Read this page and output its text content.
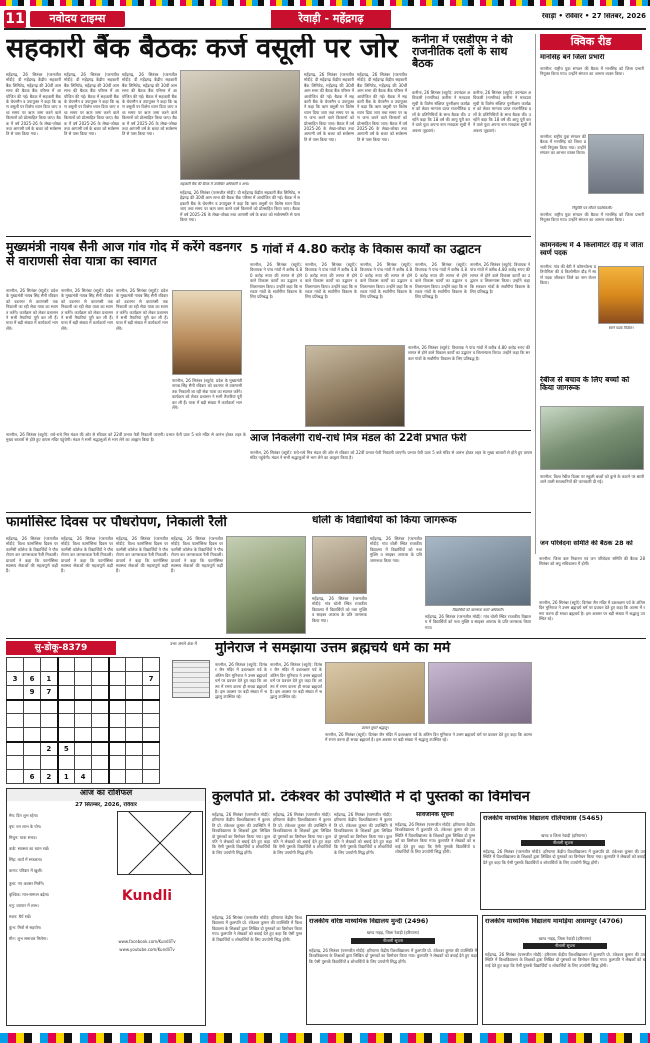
11	नवोदय टाइम्स	रेवाड़ी - महेंद्रगढ़	रेवाड़ी • रविवार • 27 सितंबर, 2026
सहकारी बैंक बैठकः कर्ज वसूली पर जोर
महेंद्रगढ़, 26 सितंबर (परमजीत मोदी): दी महेंद्रगढ़ केंद्रीय सहकारी बैंक लिमिटेड, महेंद्रगढ़ की 30वीं आम सभा की बैठक बैंक परिसर में आयोजित की गई। बैठक में सहकारी बैंक के चेयरमैन व उपायुक्त ने कहा कि ऋण वसूली पर विशेष ध्यान दिया जाए तथा समय पर ऋण जमा करने वाले किसानों को प्रोत्साहित किया जाए। बैठक में वर्ष 2025-26 के लेखा-जोखा तथा आगामी वर्ष के बजट को सर्वसम्मति से पास किया गया।
महेंद्रगढ़, 26 सितंबर (परमजीत मोदी): दी महेंद्रगढ़ केंद्रीय सहकारी बैंक लिमिटेड, महेंद्रगढ़ की 30वीं आम सभा की बैठक बैंक परिसर में आयोजित की गई। बैठक में सहकारी बैंक के चेयरमैन व उपायुक्त ने कहा कि ऋण वसूली पर विशेष ध्यान दिया जाए तथा समय पर ऋण जमा करने वाले किसानों को प्रोत्साहित किया जाए। बैठक में वर्ष 2025-26 के लेखा-जोखा तथा आगामी वर्ष के बजट को सर्वसम्मति से पास किया गया।
महेंद्रगढ़, 26 सितंबर (परमजीत मोदी): दी महेंद्रगढ़ केंद्रीय सहकारी बैंक लिमिटेड, महेंद्रगढ़ की 30वीं आम सभा की बैठक बैंक परिसर में आयोजित की गई। बैठक में सहकारी बैंक के चेयरमैन व उपायुक्त ने कहा कि ऋण वसूली पर विशेष ध्यान दिया जाए तथा समय पर ऋण जमा करने वाले किसानों को प्रोत्साहित किया जाए। बैठक में वर्ष 2025-26 के लेखा-जोखा तथा आगामी वर्ष के बजट को सर्वसम्मति से पास किया गया।
सहकारी बैंक की बैठक में उपस्थित अधिकारी व अन्य।
महेंद्रगढ़, 26 सितंबर (परमजीत मोदी): दी महेंद्रगढ़ केंद्रीय सहकारी बैंक लिमिटेड, महेंद्रगढ़ की 30वीं आम सभा की बैठक बैंक परिसर में आयोजित की गई। बैठक में सहकारी बैंक के चेयरमैन व उपायुक्त ने कहा कि ऋण वसूली पर विशेष ध्यान दिया जाए तथा समय पर ऋण जमा करने वाले किसानों को प्रोत्साहित किया जाए। बैठक में वर्ष 2025-26 के लेखा-जोखा तथा आगामी वर्ष के बजट को सर्वसम्मति से पास किया गया।
महेंद्रगढ़, 26 सितंबर (परमजीत मोदी): दी महेंद्रगढ़ केंद्रीय सहकारी बैंक लिमिटेड, महेंद्रगढ़ की 30वीं आम सभा की बैठक बैंक परिसर में आयोजित की गई। बैठक में सहकारी बैंक के चेयरमैन व उपायुक्त ने कहा कि ऋण वसूली पर विशेष ध्यान दिया जाए तथा समय पर ऋण जमा करने वाले किसानों को प्रोत्साहित किया जाए। बैठक में वर्ष 2025-26 के लेखा-जोखा तथा आगामी वर्ष के बजट को सर्वसम्मति से पास किया गया।
महेंद्रगढ़, 26 सितंबर (परमजीत मोदी): दी महेंद्रगढ़ केंद्रीय सहकारी बैंक लिमिटेड, महेंद्रगढ़ की 30वीं आम सभा की बैठक बैंक परिसर में आयोजित की गई। बैठक में सहकारी बैंक के चेयरमैन व उपायुक्त ने कहा कि ऋण वसूली पर विशेष ध्यान दिया जाए तथा समय पर ऋण जमा करने वाले किसानों को प्रोत्साहित किया जाए। बैठक में वर्ष 2025-26 के लेखा-जोखा तथा आगामी वर्ष के बजट को सर्वसम्मति से पास किया गया।
कनीना में एसडीएम ने की राजनीतिक दलों के साथ बैठक
कनीना, 26 सितंबर (ब्यूरो): उपमंडल अधिकारी (नागरिक) कनीना ने मतदाता सूची के विशेष संक्षिप्त पुनरीक्षण कार्यक्रम को लेकर मान्यता प्राप्त राजनीतिक दलों के प्रतिनिधियों के साथ बैठक की। उन्होंने कहा कि 18 वर्ष की आयु पूरी करने वाले युवा अपना नाम मतदाता सूची में अवश्य जुड़वाएं।
कनीना, 26 सितंबर (ब्यूरो): उपमंडल अधिकारी (नागरिक) कनीना ने मतदाता सूची के विशेष संक्षिप्त पुनरीक्षण कार्यक्रम को लेकर मान्यता प्राप्त राजनीतिक दलों के प्रतिनिधियों के साथ बैठक की। उन्होंने कहा कि 18 वर्ष की आयु पूरी करने वाले युवा अपना नाम मतदाता सूची में अवश्य जुड़वाएं।
क्विक रीड
मानसिंह बने जिला प्रभारी
नारनौल: राष्ट्रीय युवा संगठन की बैठक में मानसिंह को जिला प्रभारी नियुक्त किया गया। उन्होंने संगठन का आभार व्यक्त किया।
नारनौल: राष्ट्रीय युवा संगठन की बैठक में मानसिंह को जिला प्रभारी नियुक्त किया गया। उन्होंने संगठन का आभार व्यक्त किया।
नियुक्ति पत्र सौंपते पदाधिकारी।
नारनौल: राष्ट्रीय युवा संगठन की बैठक में मानसिंह को जिला प्रभारी नियुक्त किया गया। उन्होंने संगठन का आभार व्यक्त किया।
कॉमनवेल्थ में 4 किलोमीटर दौड़ में जीता स्वर्ण पदक
नारनौल: गांव की बेटी ने कॉमनवेल्थ प्रतियोगिता की 4 किलोमीटर दौड़ में स्वर्ण पदक जीतकर जिले का नाम रोशन किया।
स्वर्ण पदक विजेता।
रेबीज से बचाव के लिए बच्चों को किया जागरूक
नारनौल: विश्व रेबीज दिवस पर स्कूली बच्चों को कुत्ते के काटने पर बरती जाने वाली सावधानियों की जानकारी दी गई।
जन परिवेदना समिति की बैठक 28 को
नारनौल: जिला कष्ट निवारण एवं जन परिवेदना समिति की बैठक 28 सितंबर को लघु सचिवालय में होगी।
मुख्यमंत्री नायब सैनी आज गांव गोद में करेंगे वडनगर से वाराणसी सेवा यात्रा का स्वागत
नारनौल, 26 सितंबर (ब्यूरो): प्रदेश के मुख्यमंत्री नायब सिंह सैनी रविवार को वडनगर से वाराणसी तक निकाली जा रही सेवा यात्रा का स्वागत करेंगे। कार्यक्रम को लेकर प्रशासन ने सभी तैयारियां पूरी कर ली हैं। यात्रा में बड़ी संख्या में कार्यकर्ता भाग लेंगे।
नारनौल, 26 सितंबर (ब्यूरो): प्रदेश के मुख्यमंत्री नायब सिंह सैनी रविवार को वडनगर से वाराणसी तक निकाली जा रही सेवा यात्रा का स्वागत करेंगे। कार्यक्रम को लेकर प्रशासन ने सभी तैयारियां पूरी कर ली हैं। यात्रा में बड़ी संख्या में कार्यकर्ता भाग लेंगे।
नारनौल, 26 सितंबर (ब्यूरो): प्रदेश के मुख्यमंत्री नायब सिंह सैनी रविवार को वडनगर से वाराणसी तक निकाली जा रही सेवा यात्रा का स्वागत करेंगे। कार्यक्रम को लेकर प्रशासन ने सभी तैयारियां पूरी कर ली हैं। यात्रा में बड़ी संख्या में कार्यकर्ता भाग लेंगे।
नारनौल, 26 सितंबर (ब्यूरो): प्रदेश के मुख्यमंत्री नायब सिंह सैनी रविवार को वडनगर से वाराणसी तक निकाली जा रही सेवा यात्रा का स्वागत करेंगे। कार्यक्रम को लेकर प्रशासन ने सभी तैयारियां पूरी कर ली हैं। यात्रा में बड़ी संख्या में कार्यकर्ता भाग लेंगे।
5 गांवों में 4.80 करोड़ के विकास कार्यों का उद्घाटन
नारनौल, 26 सितंबर (ब्यूरो): विधायक ने पांच गांवों में करीब 4.80 करोड़ रुपए की लागत से होने वाले विकास कार्यों का उद्घाटन व शिलान्यास किया। उन्होंने कहा कि सरकार गांवों के सर्वांगीण विकास के लिए प्रतिबद्ध है।
नारनौल, 26 सितंबर (ब्यूरो): विधायक ने पांच गांवों में करीब 4.80 करोड़ रुपए की लागत से होने वाले विकास कार्यों का उद्घाटन व शिलान्यास किया। उन्होंने कहा कि सरकार गांवों के सर्वांगीण विकास के लिए प्रतिबद्ध है।
नारनौल, 26 सितंबर (ब्यूरो): विधायक ने पांच गांवों में करीब 4.80 करोड़ रुपए की लागत से होने वाले विकास कार्यों का उद्घाटन व शिलान्यास किया। उन्होंने कहा कि सरकार गांवों के सर्वांगीण विकास के लिए प्रतिबद्ध है।
नारनौल, 26 सितंबर (ब्यूरो): विधायक ने पांच गांवों में करीब 4.80 करोड़ रुपए की लागत से होने वाले विकास कार्यों का उद्घाटन व शिलान्यास किया। उन्होंने कहा कि सरकार गांवों के सर्वांगीण विकास के लिए प्रतिबद्ध है।
नारनौल, 26 सितंबर (ब्यूरो): विधायक ने पांच गांवों में करीब 4.80 करोड़ रुपए की लागत से होने वाले विकास कार्यों का उद्घाटन व शिलान्यास किया। उन्होंने कहा कि सरकार गांवों के सर्वांगीण विकास के लिए प्रतिबद्ध है।
नारनौल, 26 सितंबर (ब्यूरो): विधायक ने पांच गांवों में करीब 4.80 करोड़ रुपए की लागत से होने वाले विकास कार्यों का उद्घाटन व शिलान्यास किया। उन्होंने कहा कि सरकार गांवों के सर्वांगीण विकास के लिए प्रतिबद्ध है।
आज निकलेगी राधे-राधे मित्र मंडल की 22वीं प्रभात फेरी
नारनौल, 26 सितंबर (ब्यूरो): राधे-राधे मित्र मंडल की ओर से रविवार को 22वीं प्रभात फेरी निकाली जाएगी। प्रभात फेरी प्रातः 5 बजे मंदिर से आरंभ होकर शहर के मुख्य बाजारों से होते हुए वापस मंदिर पहुंचेगी। मंडल ने सभी श्रद्धालुओं से भाग लेने का आह्वान किया है।
नारनौल, 26 सितंबर (ब्यूरो): राधे-राधे मित्र मंडल की ओर से रविवार को 22वीं प्रभात फेरी निकाली जाएगी। प्रभात फेरी प्रातः 5 बजे मंदिर से आरंभ होकर शहर के मुख्य बाजारों से होते हुए वापस मंदिर पहुंचेगी। मंडल ने सभी श्रद्धालुओं से भाग लेने का आह्वान किया है।
फार्मासिस्ट दिवस पर पौधरोपण, निकाली रैली
महेंद्रगढ़, 26 सितंबर (परमजीत मोदी): विश्व फार्मासिस्ट दिवस पर फार्मेसी कॉलेज के विद्यार्थियों ने पौधरोपण कर जागरूकता रैली निकाली। प्राचार्य ने कहा कि फार्मासिस्ट स्वास्थ्य सेवाओं की महत्वपूर्ण कड़ी हैं।
महेंद्रगढ़, 26 सितंबर (परमजीत मोदी): विश्व फार्मासिस्ट दिवस पर फार्मेसी कॉलेज के विद्यार्थियों ने पौधरोपण कर जागरूकता रैली निकाली। प्राचार्य ने कहा कि फार्मासिस्ट स्वास्थ्य सेवाओं की महत्वपूर्ण कड़ी हैं।
महेंद्रगढ़, 26 सितंबर (परमजीत मोदी): विश्व फार्मासिस्ट दिवस पर फार्मेसी कॉलेज के विद्यार्थियों ने पौधरोपण कर जागरूकता रैली निकाली। प्राचार्य ने कहा कि फार्मासिस्ट स्वास्थ्य सेवाओं की महत्वपूर्ण कड़ी हैं।
महेंद्रगढ़, 26 सितंबर (परमजीत मोदी): विश्व फार्मासिस्ट दिवस पर फार्मेसी कॉलेज के विद्यार्थियों ने पौधरोपण कर जागरूकता रैली निकाली। प्राचार्य ने कहा कि फार्मासिस्ट स्वास्थ्य सेवाओं की महत्वपूर्ण कड़ी हैं।
धोली के विद्यार्थियों को किया जागरूक
महेंद्रगढ़, 26 सितंबर (परमजीत मोदी): गांव धोली स्थित राजकीय विद्यालय में विद्यार्थियों को नशा मुक्ति व साइबर अपराध के प्रति जागरूक किया गया।
महेंद्रगढ़, 26 सितंबर (परमजीत मोदी): गांव धोली स्थित राजकीय विद्यालय में विद्यार्थियों को नशा मुक्ति व साइबर अपराध के प्रति जागरूक किया गया।
विद्यार्थियों को जागरूक करते अधिकारी।
महेंद्रगढ़, 26 सितंबर (परमजीत मोदी): गांव धोली स्थित राजकीय विद्यालय में विद्यार्थियों को नशा मुक्ति व साइबर अपराध के प्रति जागरूक किया गया।
सु-डोकू-8379

3	6	1						7
	9	7						

		2	5					

	6	2	1	4				
उत्तर अगले अंक में	मुनिराज ने समझाया उत्तम ब्रह्मचर्य धर्म का मर्म
नारनौल, 26 सितंबर (ब्यूरो): दिगंबर जैन मंदिर में दशलक्षण पर्व के अंतिम दिन मुनिराज ने उत्तम ब्रह्मचर्य धर्म पर प्रवचन देते हुए कहा कि आत्मा में रमण करना ही सच्चा ब्रह्मचर्य है। इस अवसर पर बड़ी संख्या में श्रद्धालु उपस्थित रहे।
नारनौल, 26 सितंबर (ब्यूरो): दिगंबर जैन मंदिर में दशलक्षण पर्व के अंतिम दिन मुनिराज ने उत्तम ब्रह्मचर्य धर्म पर प्रवचन देते हुए कहा कि आत्मा में रमण करना ही सच्चा ब्रह्मचर्य है। इस अवसर पर बड़ी संख्या में श्रद्धालु उपस्थित रहे।
प्रवचन सुनते श्रद्धालु।
नारनौल, 26 सितंबर (ब्यूरो): दिगंबर जैन मंदिर में दशलक्षण पर्व के अंतिम दिन मुनिराज ने उत्तम ब्रह्मचर्य धर्म पर प्रवचन देते हुए कहा कि आत्मा में रमण करना ही सच्चा ब्रह्मचर्य है। इस अवसर पर बड़ी संख्या में श्रद्धालु उपस्थित रहे।
नारनौल, 26 सितंबर (ब्यूरो): दिगंबर जैन मंदिर में दशलक्षण पर्व के अंतिम दिन मुनिराज ने उत्तम ब्रह्मचर्य धर्म पर प्रवचन देते हुए कहा कि आत्मा में रमण करना ही सच्चा ब्रह्मचर्य है। इस अवसर पर बड़ी संख्या में श्रद्धालु उपस्थित रहे।
आज का राशिफल
27 सितम्बर, 2026, रविवार
Kundli
www.facebook.com/KundliTv
www.youtube.com/KundliTv
मेष: दिन शुभ रहेगा।
वृष: धन लाभ के योग।
मिथुन: यात्रा संभव।
कर्क: स्वास्थ्य का ध्यान रखें।
सिंह: कार्य में सफलता।
कन्या: परिवार में खुशी।
तुला: नए अवसर मिलेंगे।
वृश्चिक: मान-सम्मान बढ़ेगा।
धनु: व्यापार में लाभ।
मकर: धैर्य रखें।
कुंभ: मित्रों से सहयोग।
मीन: शुभ समाचार मिलेगा।
कुलपति प्रो. टंकेश्वर की उपस्थिति में दो पुस्तकों का विमोचन
महेंद्रगढ़, 26 सितंबर (परमजीत मोदी): हरियाणा केंद्रीय विश्वविद्यालय में कुलपति प्रो. टंकेश्वर कुमार की उपस्थिति में विश्वविद्यालय के शिक्षकों द्वारा लिखित दो पुस्तकों का विमोचन किया गया। कुलपति ने लेखकों को बधाई देते हुए कहा कि ऐसी पुस्तकें विद्यार्थियों व शोधार्थियों के लिए उपयोगी सिद्ध होंगी।
महेंद्रगढ़, 26 सितंबर (परमजीत मोदी): हरियाणा केंद्रीय विश्वविद्यालय में कुलपति प्रो. टंकेश्वर कुमार की उपस्थिति में विश्वविद्यालय के शिक्षकों द्वारा लिखित दो पुस्तकों का विमोचन किया गया। कुलपति ने लेखकों को बधाई देते हुए कहा कि ऐसी पुस्तकें विद्यार्थियों व शोधार्थियों के लिए उपयोगी सिद्ध होंगी।
महेंद्रगढ़, 26 सितंबर (परमजीत मोदी): हरियाणा केंद्रीय विश्वविद्यालय में कुलपति प्रो. टंकेश्वर कुमार की उपस्थिति में विश्वविद्यालय के शिक्षकों द्वारा लिखित दो पुस्तकों का विमोचन किया गया। कुलपति ने लेखकों को बधाई देते हुए कहा कि ऐसी पुस्तकें विद्यार्थियों व शोधार्थियों के लिए उपयोगी सिद्ध होंगी।
सार्वजनिक सूचना
महेंद्रगढ़, 26 सितंबर (परमजीत मोदी): हरियाणा केंद्रीय विश्वविद्यालय में कुलपति प्रो. टंकेश्वर कुमार की उपस्थिति में विश्वविद्यालय के शिक्षकों द्वारा लिखित दो पुस्तकों का विमोचन किया गया। कुलपति ने लेखकों को बधाई देते हुए कहा कि ऐसी पुस्तकें विद्यार्थियों व शोधार्थियों के लिए उपयोगी सिद्ध होंगी।
राजकीय माध्यमिक विद्यालय रोलियावास (5465)
खण्ड व जिला रेवाड़ी (हरियाणा)
नीलामी सूचना
महेंद्रगढ़, 26 सितंबर (परमजीत मोदी): हरियाणा केंद्रीय विश्वविद्यालय में कुलपति प्रो. टंकेश्वर कुमार की उपस्थिति में विश्वविद्यालय के शिक्षकों द्वारा लिखित दो पुस्तकों का विमोचन किया गया। कुलपति ने लेखकों को बधाई देते हुए कहा कि ऐसी पुस्तकें विद्यार्थियों व शोधार्थियों के लिए उपयोगी सिद्ध होंगी।
राजकीय वरिष्ठ माध्यमिक विद्यालय मुन्दी (2496)
खण्ड नाहड़, जिला रेवाड़ी (हरियाणा)
नीलामी सूचना
महेंद्रगढ़, 26 सितंबर (परमजीत मोदी): हरियाणा केंद्रीय विश्वविद्यालय में कुलपति प्रो. टंकेश्वर कुमार की उपस्थिति में विश्वविद्यालय के शिक्षकों द्वारा लिखित दो पुस्तकों का विमोचन किया गया। कुलपति ने लेखकों को बधाई देते हुए कहा कि ऐसी पुस्तकें विद्यार्थियों व शोधार्थियों के लिए उपयोगी सिद्ध होंगी।
राजकीय माध्यमिक विद्यालय मामड़िया आसमपुर (4706)
खण्ड नाहड़, जिला रेवाड़ी (हरियाणा)
नीलामी सूचना
महेंद्रगढ़, 26 सितंबर (परमजीत मोदी): हरियाणा केंद्रीय विश्वविद्यालय में कुलपति प्रो. टंकेश्वर कुमार की उपस्थिति में विश्वविद्यालय के शिक्षकों द्वारा लिखित दो पुस्तकों का विमोचन किया गया। कुलपति ने लेखकों को बधाई देते हुए कहा कि ऐसी पुस्तकें विद्यार्थियों व शोधार्थियों के लिए उपयोगी सिद्ध होंगी।
महेंद्रगढ़, 26 सितंबर (परमजीत मोदी): हरियाणा केंद्रीय विश्वविद्यालय में कुलपति प्रो. टंकेश्वर कुमार की उपस्थिति में विश्वविद्यालय के शिक्षकों द्वारा लिखित दो पुस्तकों का विमोचन किया गया। कुलपति ने लेखकों को बधाई देते हुए कहा कि ऐसी पुस्तकें विद्यार्थियों व शोधार्थियों के लिए उपयोगी सिद्ध होंगी।
